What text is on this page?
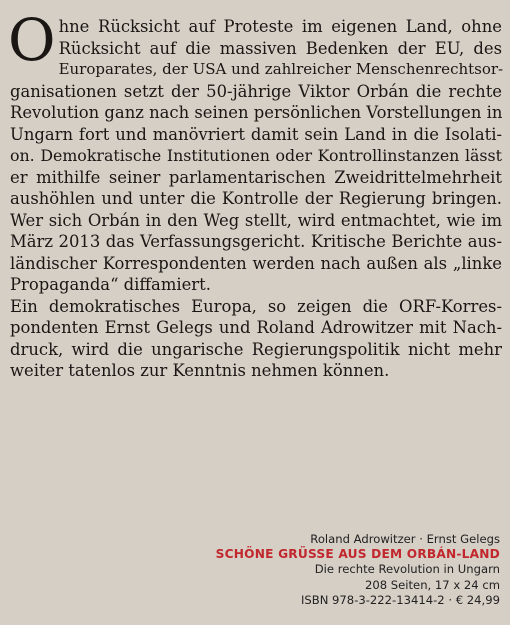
O hne Rücksicht auf Proteste im eigenen Land, ohne
Rücksicht auf die massiven Bedenken der EU, des
Europarates, der USA und zahlreicher Menschenrechtsor-
ganisationen setzt der 50-jährige Viktor Orbán die rechte
Revolution ganz nach seinen persönlichen Vorstellungen in
Ungarn fort und manövriert damit sein Land in die Isolati-
on. Demokratische Institutionen oder Kontrollinstanzen lässt
er mithilfe seiner parlamentarischen Zweidrittelmehrheit
aushöhlen und unter die Kontrolle der Regierung bringen.
Wer sich Orbán in den Weg stellt, wird entmachtet, wie im
März 2013 das Verfassungsgericht. Kritische Berichte aus-
ländischer Korrespondenten werden nach außen als „linke
Propaganda“ diffamiert.
Ein demokratisches Europa, so zeigen die ORF-Korres-
pondenten Ernst Gelegs und Roland Adrowitzer mit Nach-
druck, wird die ungarische Regierungspolitik nicht mehr
weiter tatenlos zur Kenntnis nehmen können.
Roland Adrowitzer · Ernst Gelegs
SCHÖNE GRÜSSE AUS DEM ORBÁN-LAND
Die rechte Revolution in Ungarn
208 Seiten, 17 x 24 cm
ISBN 978-3-222-13414-2 · € 24,99
